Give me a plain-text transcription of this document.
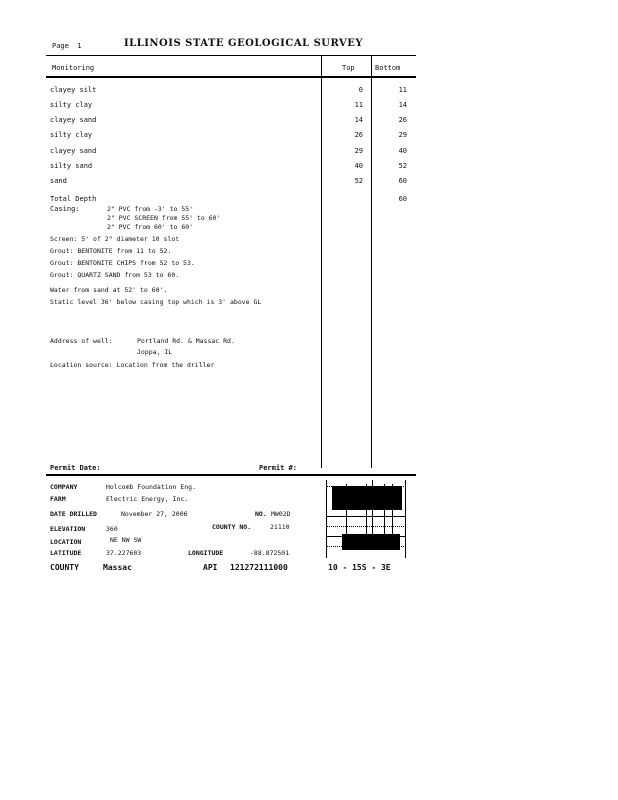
Page  1	ILLINOIS STATE GEOLOGICAL SURVEY
Monitoring	Top	Bottom
clayey silt	0	11
silty clay	11	14
clayey sand	14	26
silty clay	26	29
clayey sand	29	40
silty sand	40	52
sand	52	60
Total Depth	60
Casing:	2" PVC from -3' to 55'
2" PVC SCREEN from 55' to 60'
2" PVC from 60' to 60'
Screen: 5' of 2" diameter 10 slot
Grout: BENTONITE from 11 to 52.
Grout: BENTONITE CHIPS from 52 to 53.
Grout: QUARTZ SAND from 53 to 60.
Water from sand at 52' to 60'.
Static level 36' below casing top which is 3' above GL
Address of well:	Portland Rd. & Massac Rd.
Joppa, IL
Location source: Location from the driller
Permit Date:	Permit #:
COMPANY	Holcomb Foundation Eng.
FARM	Electric Energy, Inc.
DATE DRILLED	November 27, 2006	NO. MW02D
ELEVATION	360	COUNTY NO.	21110
LOCATION	NE NW SW
LATITUDE	37.227603	LONGITUDE	-88.872501
COUNTY	Massac	API 121272111000	10 - 15S - 3E
